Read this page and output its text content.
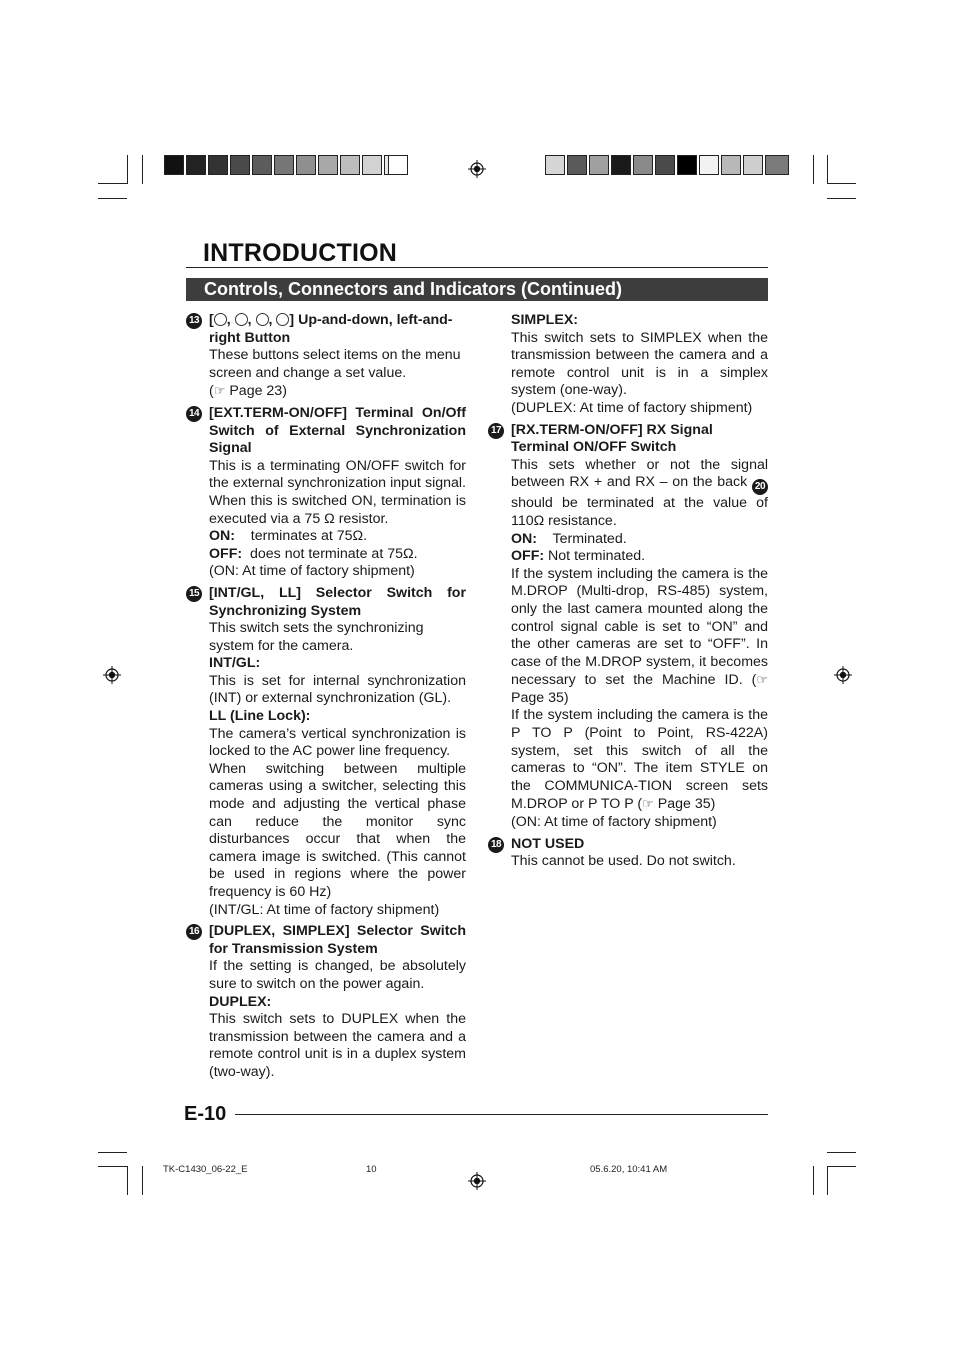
INTRODUCTION
Controls, Connectors and Indicators (Continued)
13 [ , , , ] Up-and-down, left-and-right Button

These buttons select items on the menu screen and change a set value.

(☞ Page 23)

14 [EXT.TERM-ON/OFF] Terminal On/Off Switch of External Synchronization Signal

This is a terminating ON/OFF switch for the external synchronization input signal. When this is switched ON, termination is executed via a 75 Ω resistor.

ON: terminates at 75Ω.

OFF: does not terminate at 75Ω.

(ON: At time of factory shipment)

15 [INT/GL, LL] Selector Switch for Synchronizing System

This switch sets the synchronizing system for the camera.

INT/GL:

This is set for internal synchronization (INT) or external synchronization (GL).

LL (Line Lock):

The camera’s vertical synchronization is locked to the AC power line frequency.

When switching between multiple cameras using a switcher, selecting this mode and adjusting the vertical phase can reduce the monitor sync disturbances occur that when the camera image is switched. (This cannot be used in regions where the power frequency is 60 Hz)

(INT/GL: At time of factory shipment)

16 [DUPLEX, SIMPLEX] Selector Switch for Transmission System

If the setting is changed, be absolutely sure to switch on the power again.

DUPLEX:

This switch sets to DUPLEX when the transmission between the camera and a remote control unit is in a duplex system (two-way).

SIMPLEX:

This switch sets to SIMPLEX when the transmission between the camera and a remote control unit is in a simplex system (one-way).

(DUPLEX: At time of factory shipment)

17 [RX.TERM-ON/OFF] RX Signal Terminal ON/OFF Switch

This sets whether or not the signal between RX + and RX – on the back 20 should be terminated at the value of 110Ω resistance.

ON: Terminated.

OFF: Not terminated.

If the system including the camera is the M.DROP (Multi-drop, RS-485) system, only the last camera mounted along the control signal cable is set to “ON” and the other cameras are set to “OFF”. In case of the M.DROP system, it becomes necessary to set the Machine ID. (☞ Page 35)

If the system including the camera is the P TO P (Point to Point, RS-422A) system, set this switch of all the cameras to “ON”. The item STYLE on the COMMUNICA-TION screen sets M.DROP or P TO P (☞ Page 35)

(ON: At time of factory shipment)

18 NOT USED

This cannot be used. Do not switch.

E-10
TK-C1430_06-22_E	10	05.6.20, 10:41 AM
